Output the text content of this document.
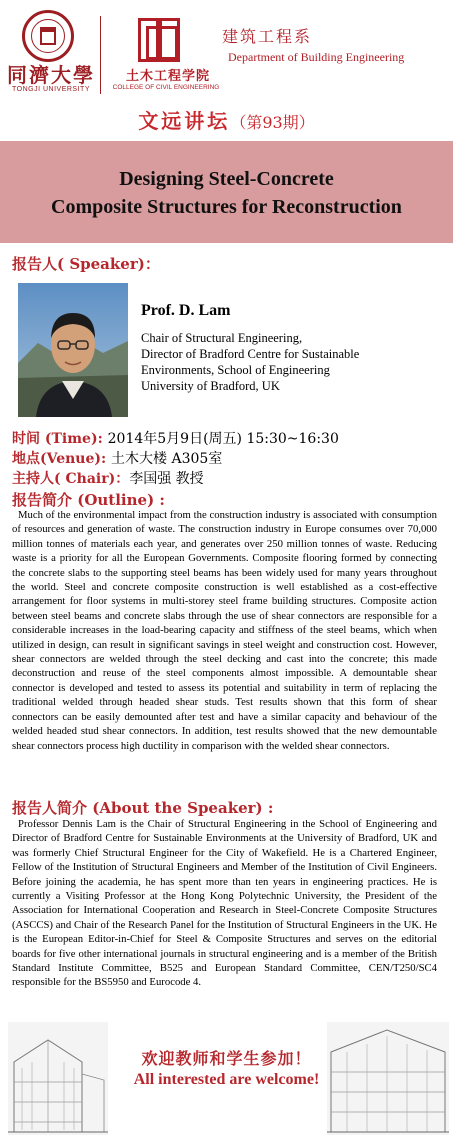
同濟大學
TONGJI UNIVERSITY
土木工程学院
COLLEGE OF CIVIL ENGINEERING
建筑工程系
Department of Building Engineering
文远讲坛（第93期）
Designing Steel-Concrete
Composite Structures for Reconstruction
报告人( Speaker)：
Prof. D. Lam
Chair of Structural Engineering,
Director of Bradford Centre for Sustainable
Environments, School of Engineering
University of Bradford, UK
时间 (Time): 2014年5月9日(周五) 15:30~16:30
地点(Venue): 土木大楼 A305室
主持人( Chair)：李国强 教授
报告简介 (Outline) :
Much of the environmental impact from the construction industry is associated with consumption of resources and generation of waste. The construction industry in Europe consumes over 70,000 million tonnes of materials each year, and generates over 250 million tonnes of waste. Reducing waste is a priority for all the European Governments. Composite flooring formed by connecting the concrete slabs to the supporting steel beams has been widely used for many years throughout the world. Steel and concrete composite construction is well established as a cost-effective arrangement for floor systems in multi-storey steel frame building structures. Composite action between steel beams and concrete slabs through the use of shear connectors are responsible for a considerable increases in the load-bearing capacity and stiffness of the steel beams, which when utilized in design, can result in significant savings in steel weight and construction cost. However, shear connectors are welded through the steel decking and cast into the concrete; this made deconstruction and reuse of the steel components almost impossible. A demountable shear connector is developed and tested to assess its potential and suitability in term of replacing the traditional welded through headed shear studs. Test results shown that this form of shear connectors can be easily demounted after test and have a similar capacity and behaviour of the welded headed stud shear connectors. In addition, test results showed that the new demountable shear connectors process high ductility in comparison with the welded shear connectors.
报告人简介 (About the Speaker) :
Professor Dennis Lam is the Chair of Structural Engineering in the School of Engineering and Director of Bradford Centre for Sustainable Environments at the University of Bradford, UK and was formerly Chief Structural Engineer for the City of Wakefield. He is a Chartered Engineer, Fellow of the Institution of Structural Engineers and Member of the Institution of Civil Engineers. Before joining the academia, he has spent more than ten years in engineering practices. He is currently a Visiting Professor at the Hong Kong Polytechnic University, the President of the Association for International Cooperation and Research in Steel-Concrete Composite Structures (ASCCS) and Chair of the Research Panel for the Institution of Structural Engineers in the UK. He is the European Editor-in-Chief for Steel & Composite Structures and serves on the editorial boards for five other international journals in structural engineering and is a member of the British Standard Institute Committee, B525 and European Standard Committee, CEN/T250/SC4 responsible for the BS5950 and Eurocode 4.
欢迎教师和学生参加！
All interested are welcome!
